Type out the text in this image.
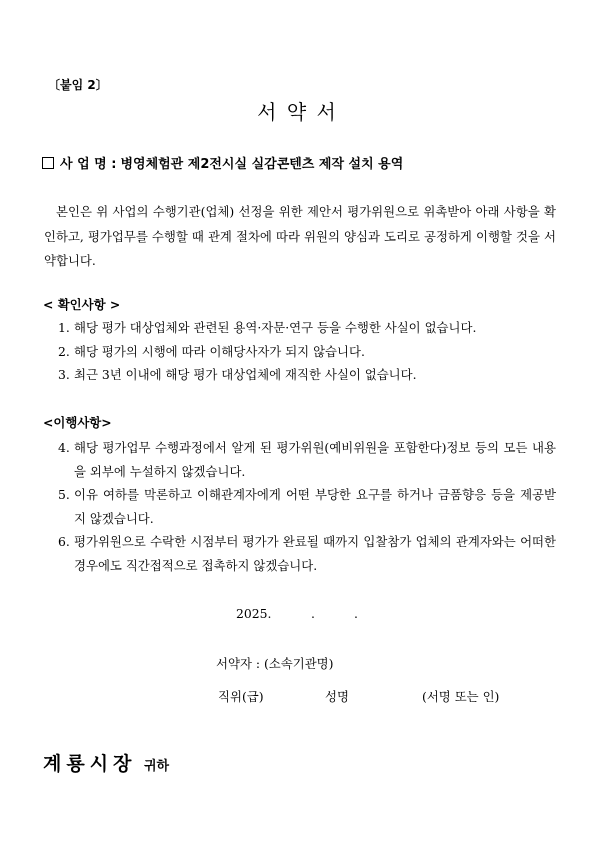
〔붙임 2〕
서 약 서
사 업 명 : 병영체험관 제2전시실 실감콘텐츠 제작 설치 용역

본인은 위 사업의 수행기관(업체) 선정을 위한 제안서 평가위원으로 위촉받아 아래 사항을 확인하고, 평가업무를 수행할 때 관계 절차에 따라 위원의 양심과 도리로 공정하게 이행할 것을 서약합니다.

< 확인사항 >
1. 해당 평가 대상업체와 관련된 용역·자문·연구 등을 수행한 사실이 없습니다.
2. 해당 평가의 시행에 따라 이해당사자가 되지 않습니다.
3. 최근 3년 이내에 해당 평가 대상업체에 재직한 사실이 없습니다.
<이행사항>
4. 해당 평가업무 수행과정에서 알게 된 평가위원(예비위원을 포함한다)정보 등의 모든 내용을 외부에 누설하지 않겠습니다.
5. 이유 여하를 막론하고 이해관계자에게 어떤 부당한 요구를 하거나 금품향응 등을 제공받지 않겠습니다.
6. 평가위원으로 수락한 시점부터 평가가 완료될 때까지 입찰참가 업체의 관계자와는 어떠한 경우에도 직간접적으로 접촉하지 않겠습니다.
2025.	.	.
서약자 : (소속기관명)
직위(급)	성명	(서명 또는 인)
계룡시장 귀하
